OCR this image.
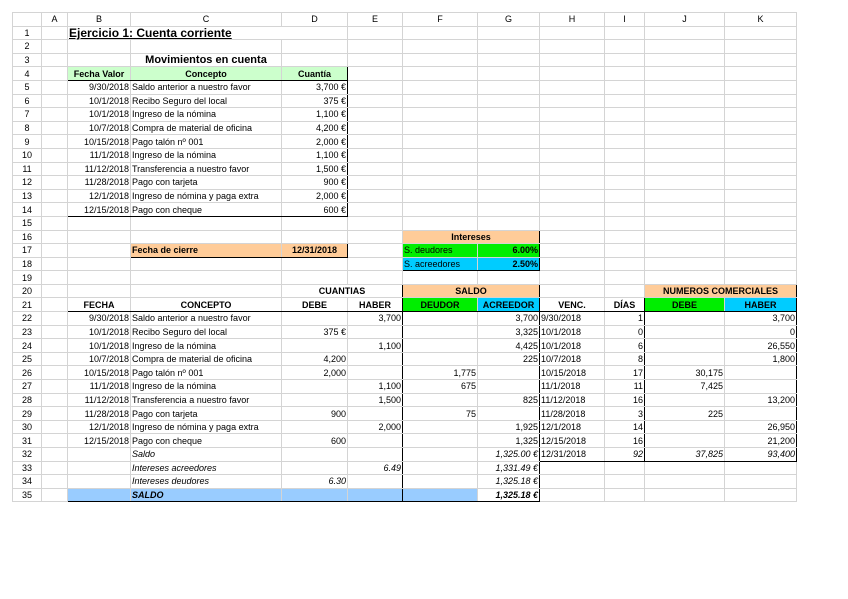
	A	B	C	D	E	F	G	H	I	J	K
1		Ejercicio 1: Cuenta corriente									
2											
3			Movimientos en cuenta								
4		Fecha Valor	Concepto	Cuantía							
5		9/30/2018	Saldo anterior a nuestro favor	3,700 €							
6		10/1/2018	Recibo Seguro del local	375 €							
7		10/1/2018	Ingreso de la nómina	1,100 €							
8		10/7/2018	Compra de material de oficina	4,200 €							
9		10/15/2018	Pago talón nº 001	2,000 €							
10		11/1/2018	Ingreso de la nómina	1,100 €							
11		11/12/2018	Transferencia a nuestro favor	1,500 €							
12		11/28/2018	Pago con tarjeta	900 €							
13		12/1/2018	Ingreso de nómina y paga extra	2,000 €							
14		12/15/2018	Pago con cheque	600 €							
15											
16						Intereses					
17			Fecha de cierre	12/31/2018		S. deudores	6.00%				
18						S. acreedores	2.50%				
19											
20				CUANTIAS		SALDO				NUMEROS COMERCIALES	
21		FECHA	CONCEPTO	DEBE	HABER	DEUDOR	ACREEDOR	VENC.	DÍAS	DEBE	HABER
22		9/30/2018	Saldo anterior a nuestro favor		3,700		3,700	9/30/2018	1		3,700
23		10/1/2018	Recibo Seguro del local	375 €			3,325	10/1/2018	0		0
24		10/1/2018	Ingreso de la nómina		1,100		4,425	10/1/2018	6		26,550
25		10/7/2018	Compra de material de oficina	4,200			225	10/7/2018	8		1,800
26		10/15/2018	Pago talón nº 001	2,000		1,775		10/15/2018	17	30,175	
27		11/1/2018	Ingreso de la nómina		1,100	675		11/1/2018	11	7,425	
28		11/12/2018	Transferencia a nuestro favor		1,500		825	11/12/2018	16		13,200
29		11/28/2018	Pago con tarjeta	900		75		11/28/2018	3	225	
30		12/1/2018	Ingreso de nómina y paga extra		2,000		1,925	12/1/2018	14		26,950
31		12/15/2018	Pago con cheque	600			1,325	12/15/2018	16		21,200
32			Saldo				1,325.00 €	12/31/2018	92	37,825	93,400
33			Intereses acreedores		6.49		1,331.49 €				
34			Intereses deudores	6.30			1,325.18 €				
35			SALDO				1,325.18 €				
